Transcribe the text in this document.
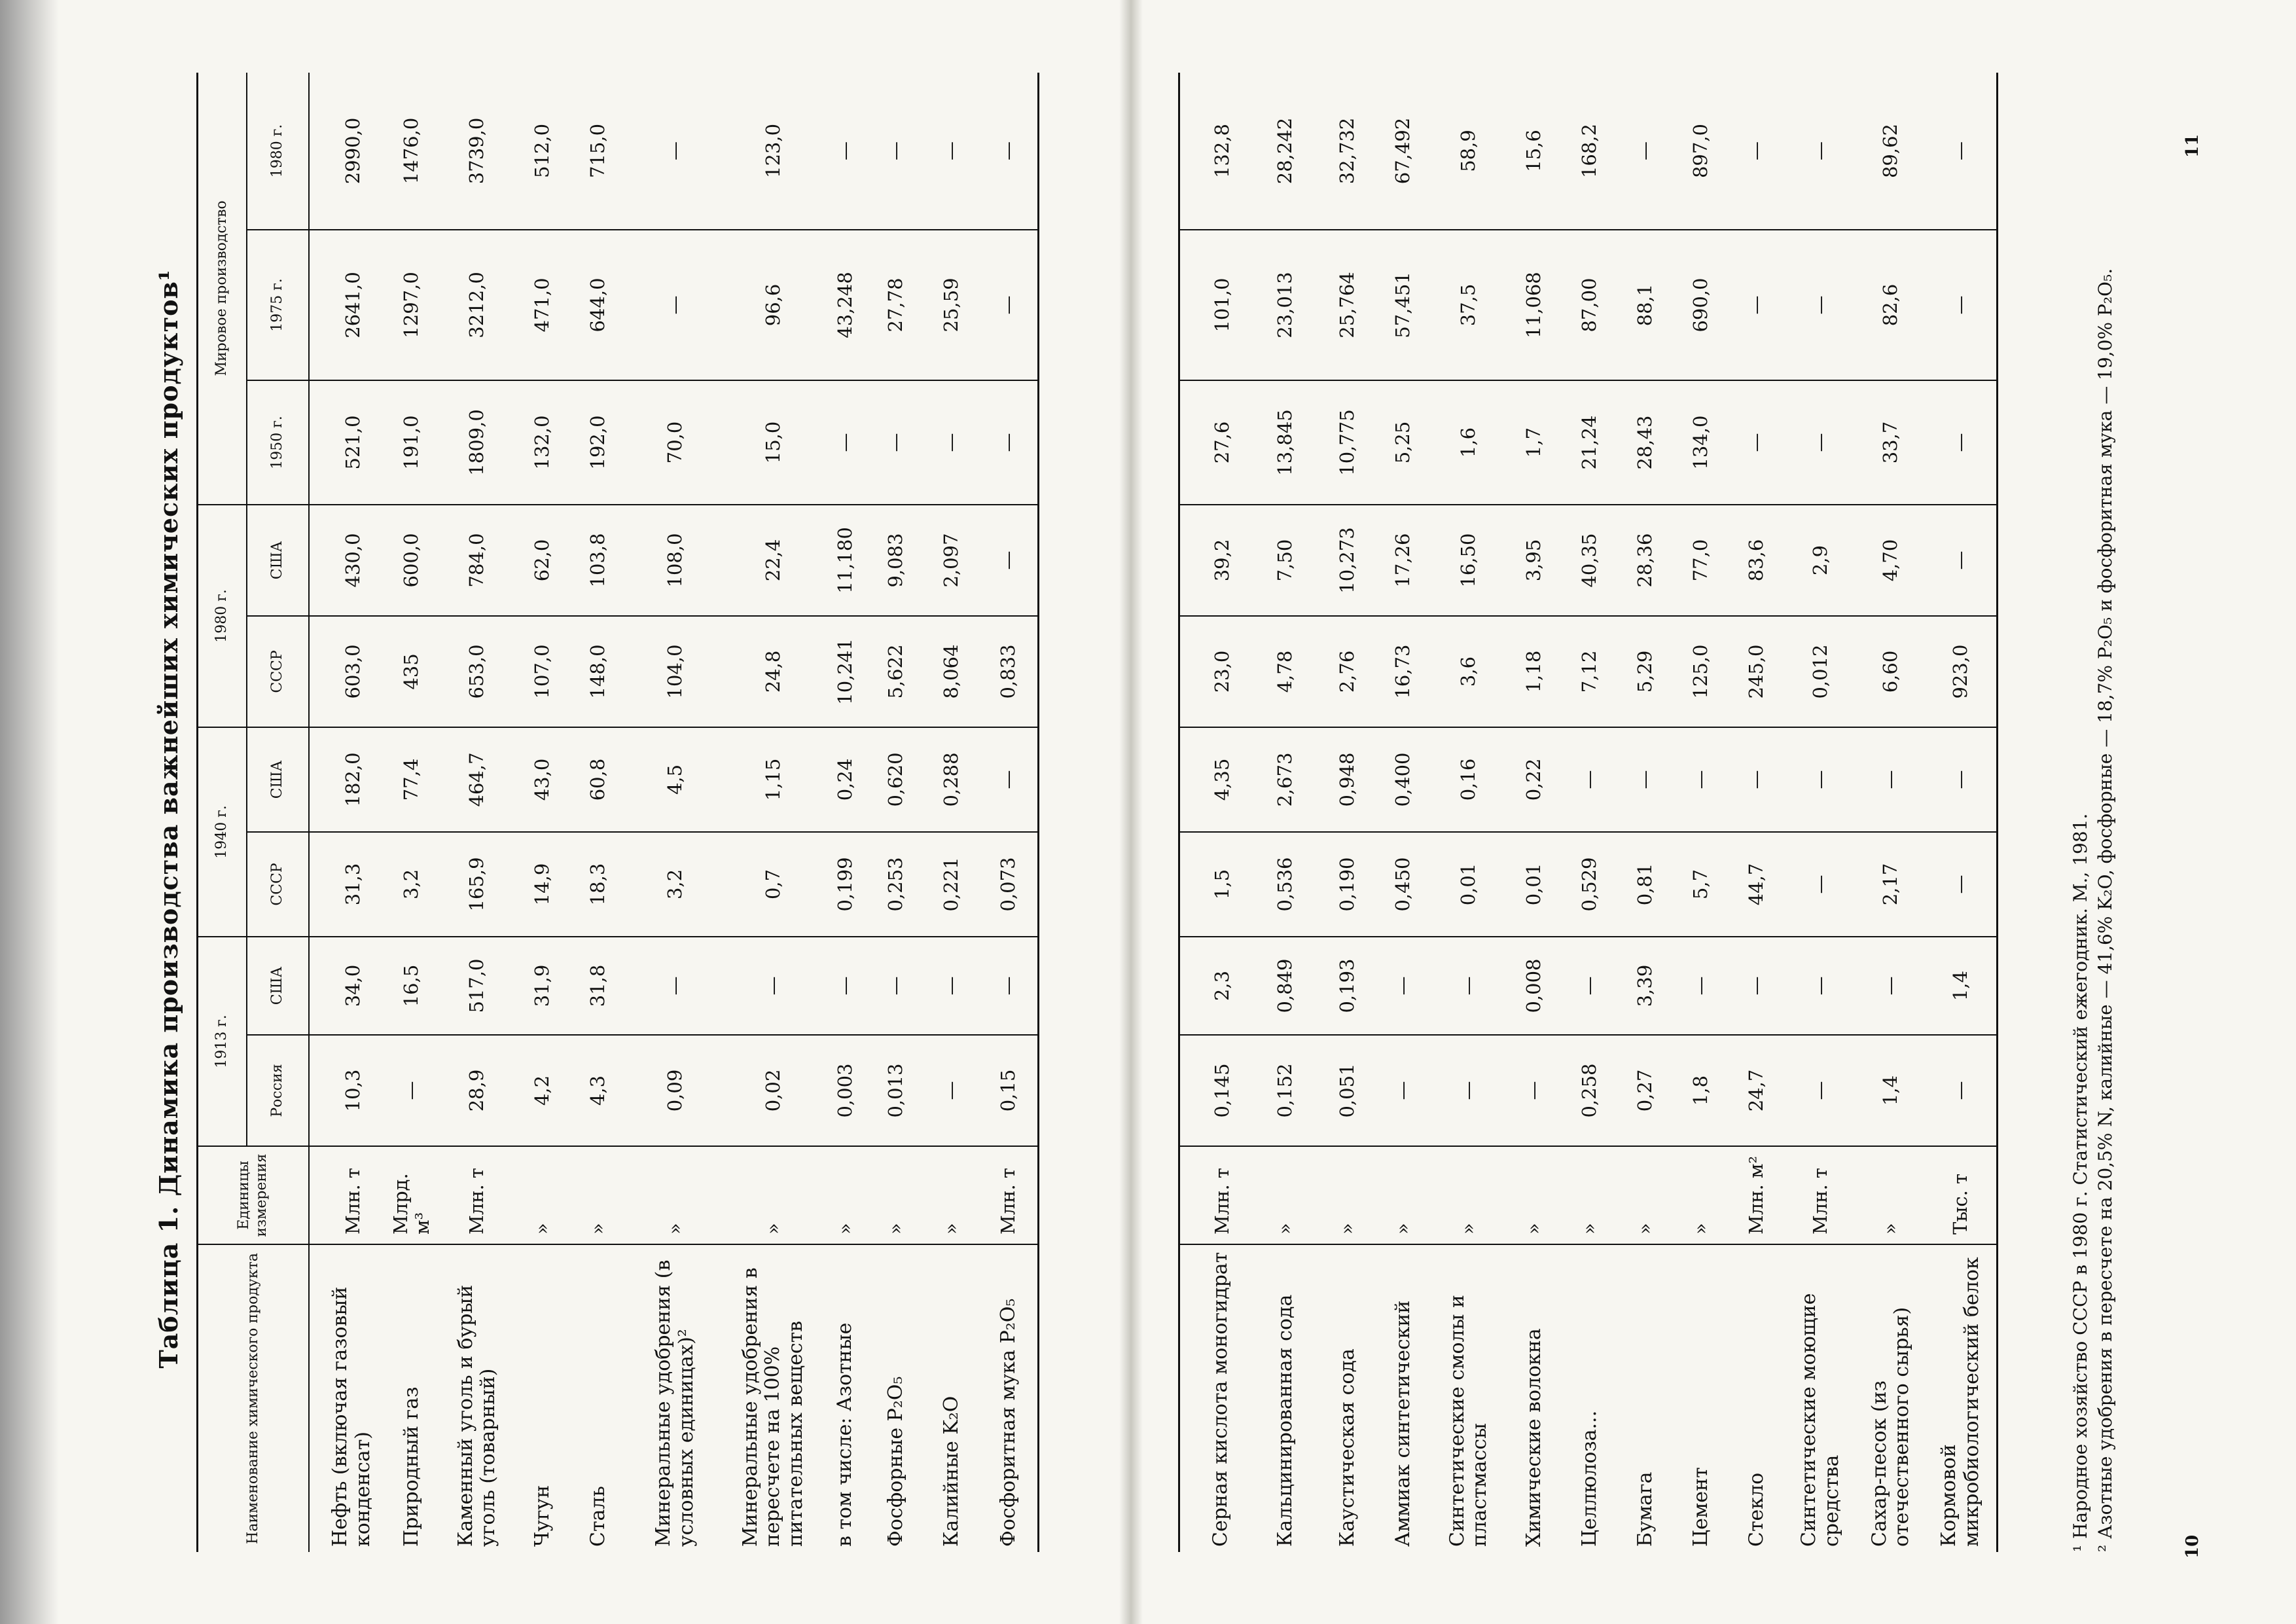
10
Таблица 1. Динамика производства важнейших химических продуктов¹
Наименование химического продукта	Единицы измерения	1913 г.		1940 г.		1980 г.		Мировое производство		
		Россия	США	СССР	США	СССР	США	1950 г.	1975 г.	1980 г.
Нефть (включая газовый конденсат)	Млн. т	10,3	34,0	31,3	182,0	603,0	430,0	521,0	2641,0	2990,0
Природный газ	Млрд. м³	—	16,5	3,2	77,4	435	600,0	191,0	1297,0	1476,0
Каменный уголь и бурый уголь (товарный)	Млн. т	28,9	517,0	165,9	464,7	653,0	784,0	1809,0	3212,0	3739,0
Чугун	»	4,2	31,9	14,9	43,0	107,0	62,0	132,0	471,0	512,0
Сталь	»	4,3	31,8	18,3	60,8	148,0	103,8	192,0	644,0	715,0
Минеральные удобрения (в условных единицах)²	»	0,09	—	3,2	4,5	104,0	108,0	70,0	—	—
Минеральные удобрения в пересчете на 100% питательных веществ	»	0,02	—	0,7	1,15	24,8	22,4	15,0	96,6	123,0
в том числе: Азотные	»	0,003	—	0,199	0,24	10,241	11,180	—	43,248	—
Фосфорные P₂O₅	»	0,013	—	0,253	0,620	5,622	9,083	—	27,78	—
Калийные K₂O	»	—	—	0,221	0,288	8,064	2,097	—	25,59	—
Фосфоритная мука P₂O₅	Млн. т	0,15	—	0,073	—	0,833	—	—	—	—
Серная кислота моногидрат	Млн. т	0,145	2,3	1,5	4,35	23,0	39,2	27,6	101,0	132,8
Кальцинированная сода	»	0,152	0,849	0,536	2,673	4,78	7,50	13,845	23,013	28,242
Каустическая сода	»	0,051	0,193	0,190	0,948	2,76	10,273	10,775	25,764	32,732
Аммиак синтетический	»	—	—	0,450	0,400	16,73	17,26	5,25	57,451	67,492
Синтетические смолы и пластмассы	»	—	—	0,01	0,16	3,6	16,50	1,6	37,5	58,9
Химические волокна	»	—	0,008	0,01	0,22	1,18	3,95	1,7	11,068	15,6
Целлюлоза...	»	0,258	—	0,529	—	7,12	40,35	21,24	87,00	168,2
Бумага	»	0,27	3,39	0,81	—	5,29	28,36	28,43	88,1	—
Цемент	»	1,8	—	5,7	—	125,0	77,0	134,0	690,0	897,0
Стекло	Млн. м²	24,7	—	44,7	—	245,0	83,6	—	—	—
Синтетические моющие средства	Млн. т	—	—	—	—	0,012	2,9	—	—	—
Сахар-песок (из отечественного сырья)	»	1,4	—	2,17	—	6,60	4,70	33,7	82,6	89,62
Кормовой микробиологический белок	Тыс. т	—	1,4	—	—	923,0	—	—	—	—

¹ Народное хозяйство СССР в 1980 г. Статистический ежегодник. М., 1981. ² Азотные удобрения в пересчете на 20,5% N, калийные — 41,6% K₂O, фосфорные — 18,7% P₂O₅ и фосфоритная мука — 19,0% P₂O₅.

11
